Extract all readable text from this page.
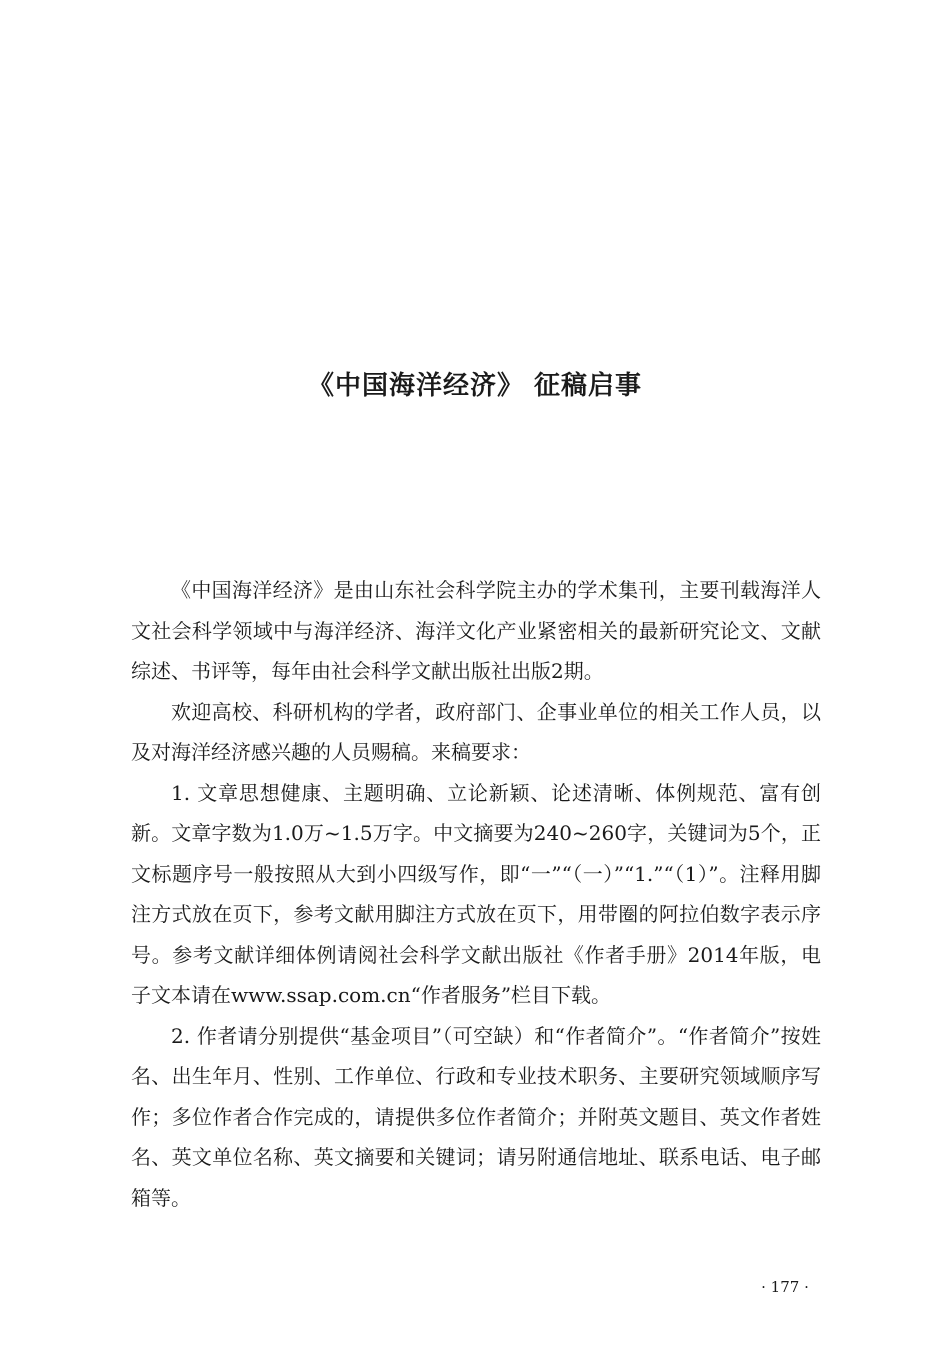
《中国海洋经济》 征稿启事

《中国海洋经济》是由山东社会科学院主办的学术集刊，主要刊载海洋人文社会科学领域中与海洋经济、海洋文化产业紧密相关的最新研究论文、文献综述、书评等，每年由社会科学文献出版社出版2期。

欢迎高校、科研机构的学者，政府部门、企事业单位的相关工作人员，以及对海洋经济感兴趣的人员赐稿。来稿要求：

1. 文章思想健康、主题明确、立论新颖、论述清晰、体例规范、富有创新。文章字数为1.0万~1.5万字。中文摘要为240~260字，关键词为5个，正文标题序号一般按照从大到小四级写作，即“一”“（一）”“1.”“（1）”。注释用脚注方式放在页下，参考文献用脚注方式放在页下，用带圈的阿拉伯数字表示序号。参考文献详细体例请阅社会科学文献出版社《作者手册》2014年版，电子文本请在www.ssap.com.cn“作者服务”栏目下载。

2. 作者请分别提供“基金项目”（可空缺）和“作者简介”。“作者简介”按姓名、出生年月、性别、工作单位、行政和专业技术职务、主要研究领域顺序写作；多位作者合作完成的，请提供多位作者简介；并附英文题目、英文作者姓名、英文单位名称、英文摘要和关键词；请另附通信地址、联系电话、电子邮箱等。

· 177 ·
